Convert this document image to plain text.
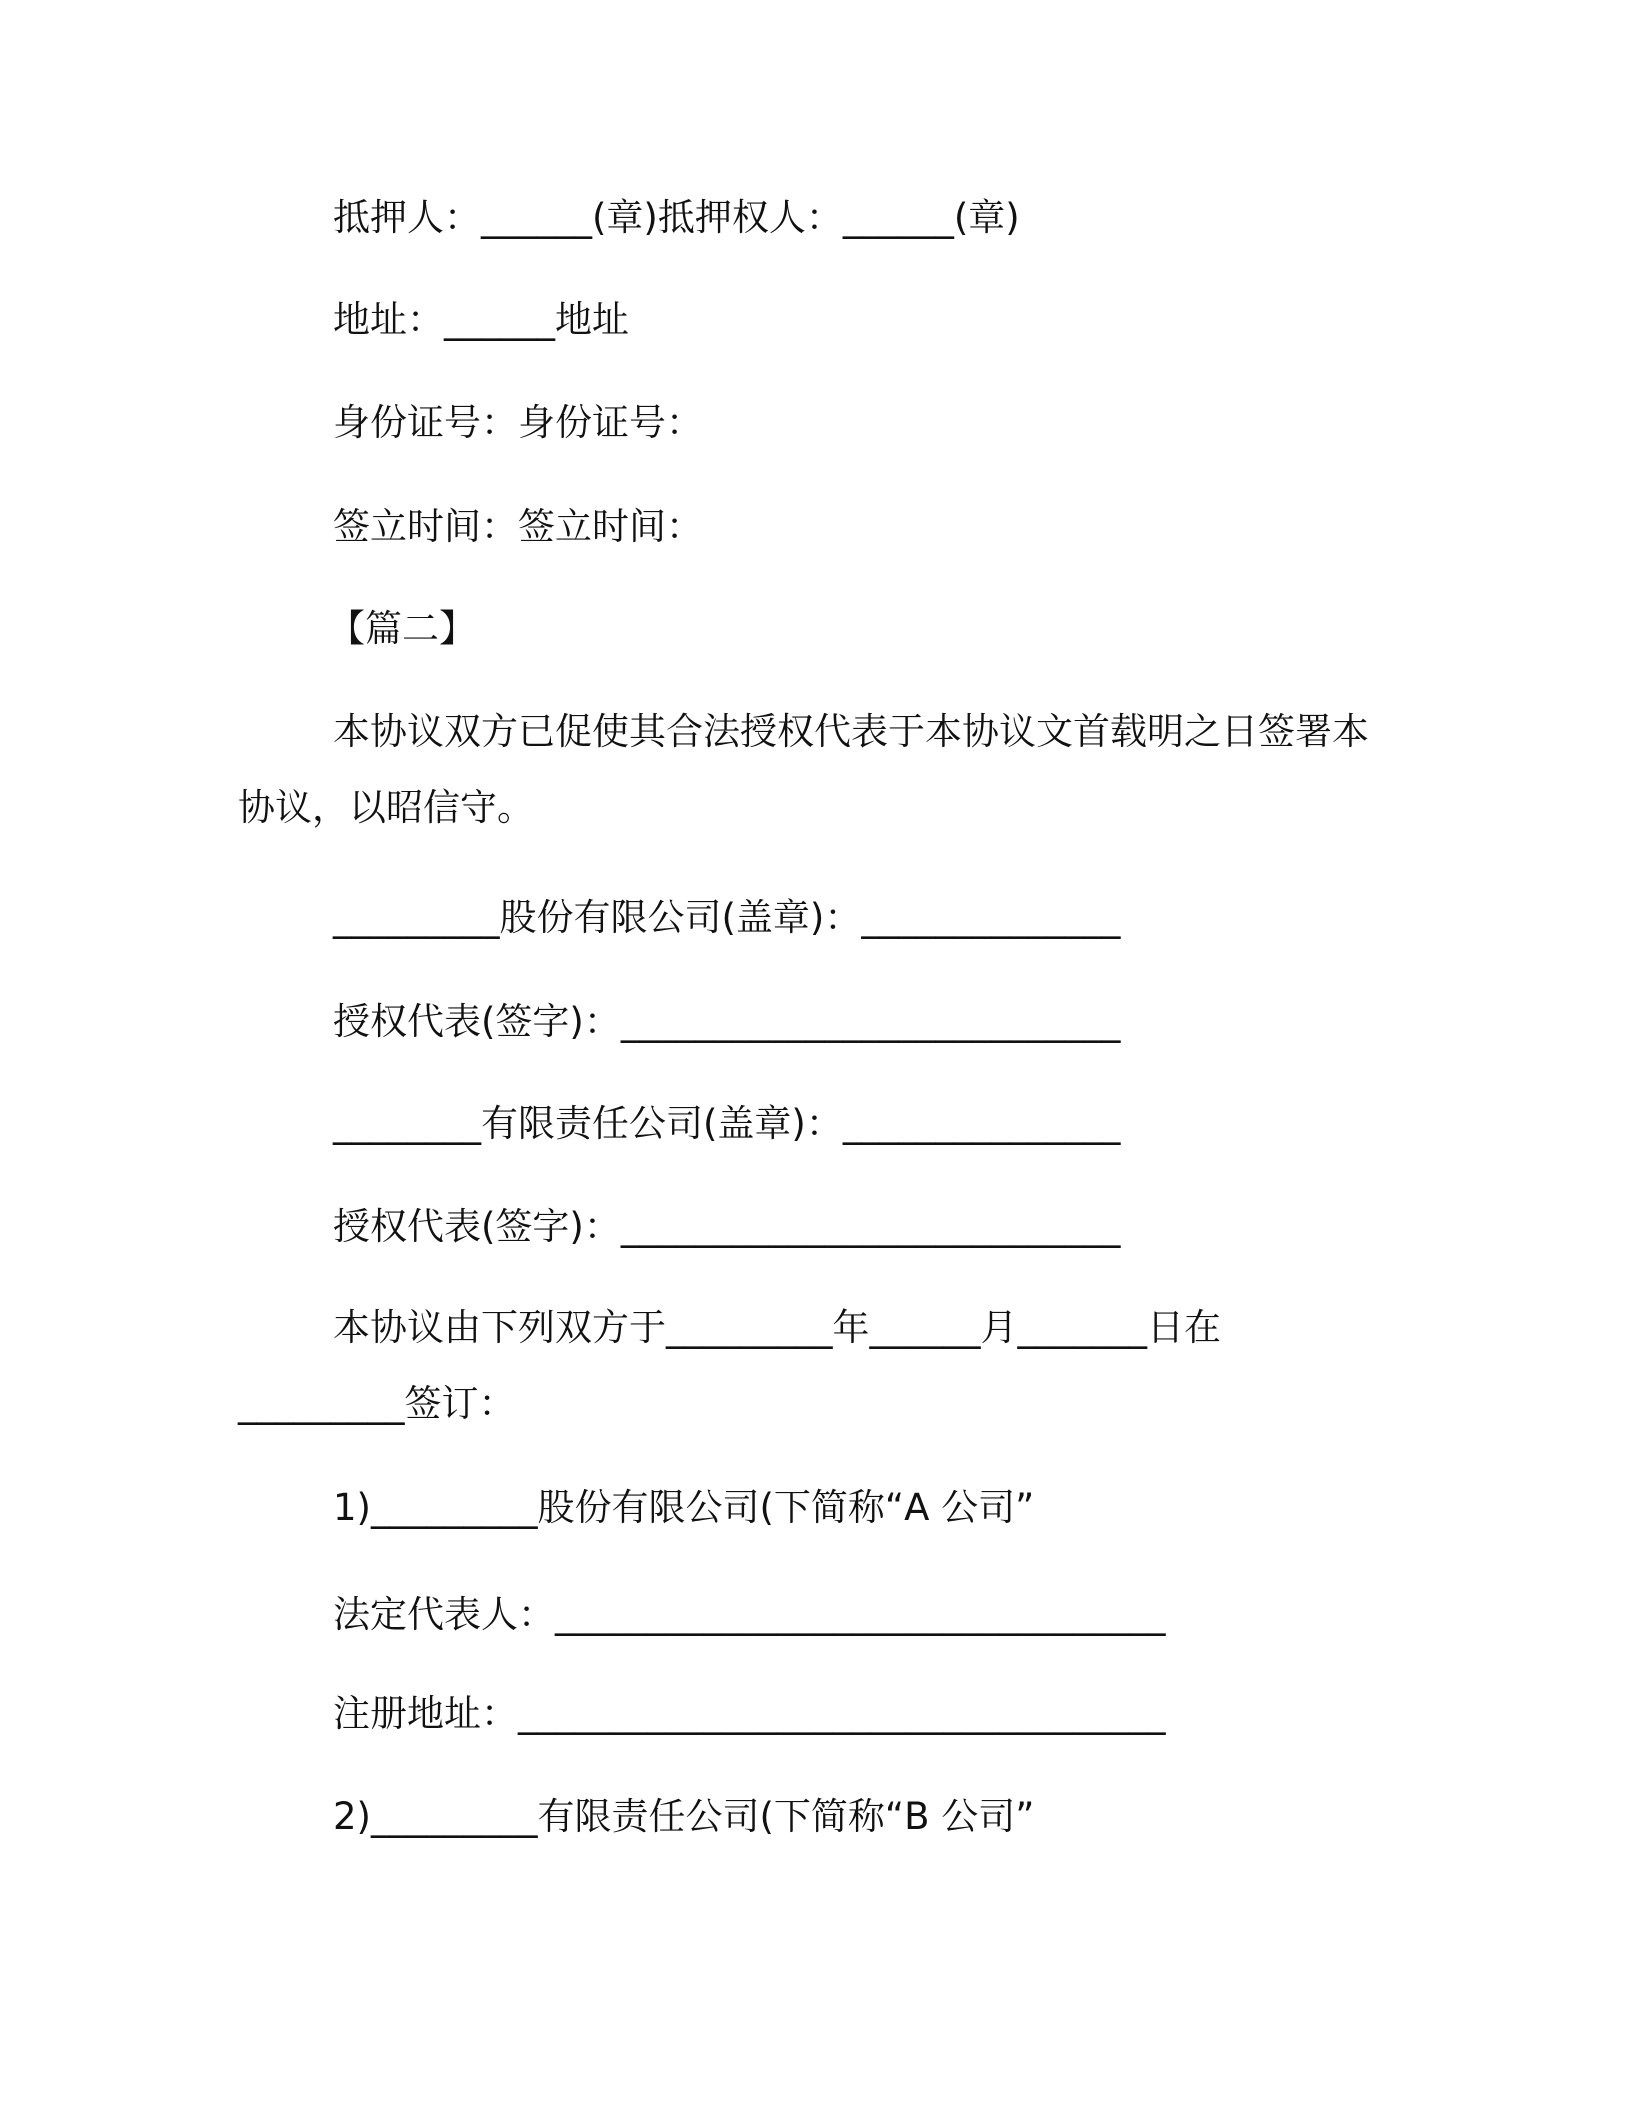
抵押人：______(章)抵押权人：______(章)
地址：______地址
身份证号：身份证号：
签立时间：签立时间：
【篇二】
本协议双方已促使其合法授权代表于本协议文首载明之日签署本
协议，以昭信守。
_________股份有限公司(盖章)：______________
授权代表(签字)：___________________________
________有限责任公司(盖章)：_______________
授权代表(签字)：___________________________
本协议由下列双方于_________年______月_______日在
_________签订：
1)_________股份有限公司(下简称“A 公司”
法定代表人：_________________________________
注册地址：___________________________________
2)_________有限责任公司(下简称“B 公司”
